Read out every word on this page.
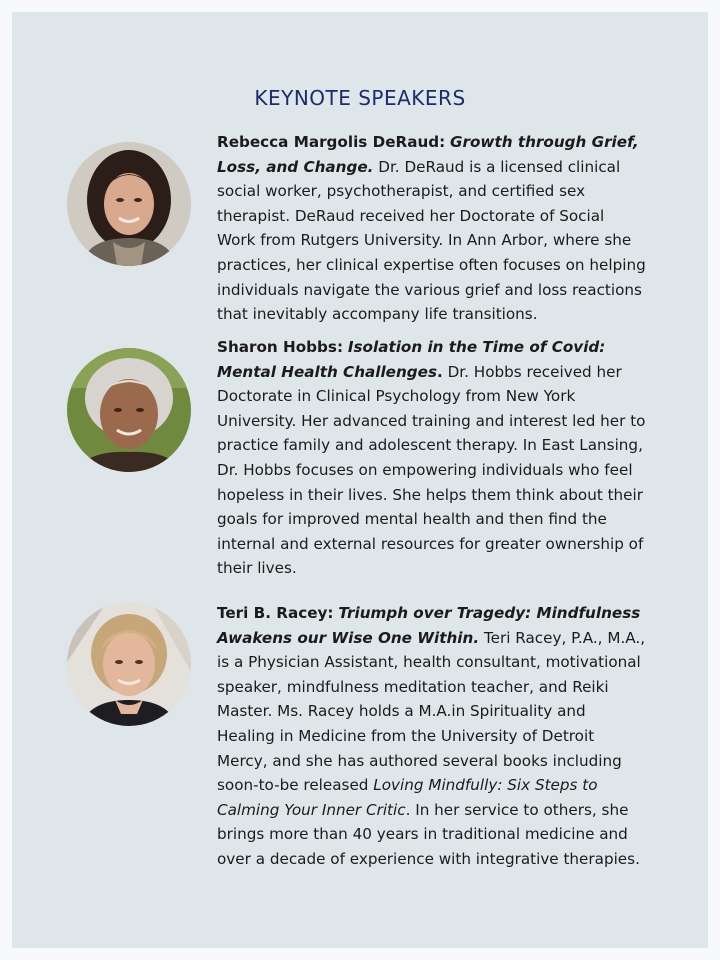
KEYNOTE SPEAKERS
Rebecca Margolis DeRaud: Growth through Grief, Loss, and Change. Dr. DeRaud is a licensed clinical social worker, psychotherapist, and certified sex therapist. DeRaud received her Doctorate of Social Work from Rutgers University. In Ann Arbor, where she practices, her clinical expertise often focuses on helping individuals navigate the various grief and loss reactions that inevitably accompany life transitions.
Sharon Hobbs: Isolation in the Time of Covid: Mental Health Challenges. Dr. Hobbs received her Doctorate in Clinical Psychology from New York University. Her advanced training and interest led her to practice family and adolescent therapy. In East Lansing, Dr. Hobbs focuses on empowering individuals who feel hopeless in their lives. She helps them think about their goals for improved mental health and then find the internal and external resources for greater ownership of their lives.
Teri B. Racey: Triumph over Tragedy: Mindfulness Awakens our Wise One Within. Teri Racey, P.A., M.A., is a Physician Assistant, health consultant, motivational speaker, mindfulness meditation teacher, and Reiki Master. Ms. Racey holds a M.A.in Spirituality and Healing in Medicine from the University of Detroit Mercy, and she has authored several books including soon-to-be released Loving Mindfully: Six Steps to Calming Your Inner Critic. In her service to others, she brings more than 40 years in traditional medicine and over a decade of experience with integrative therapies.
